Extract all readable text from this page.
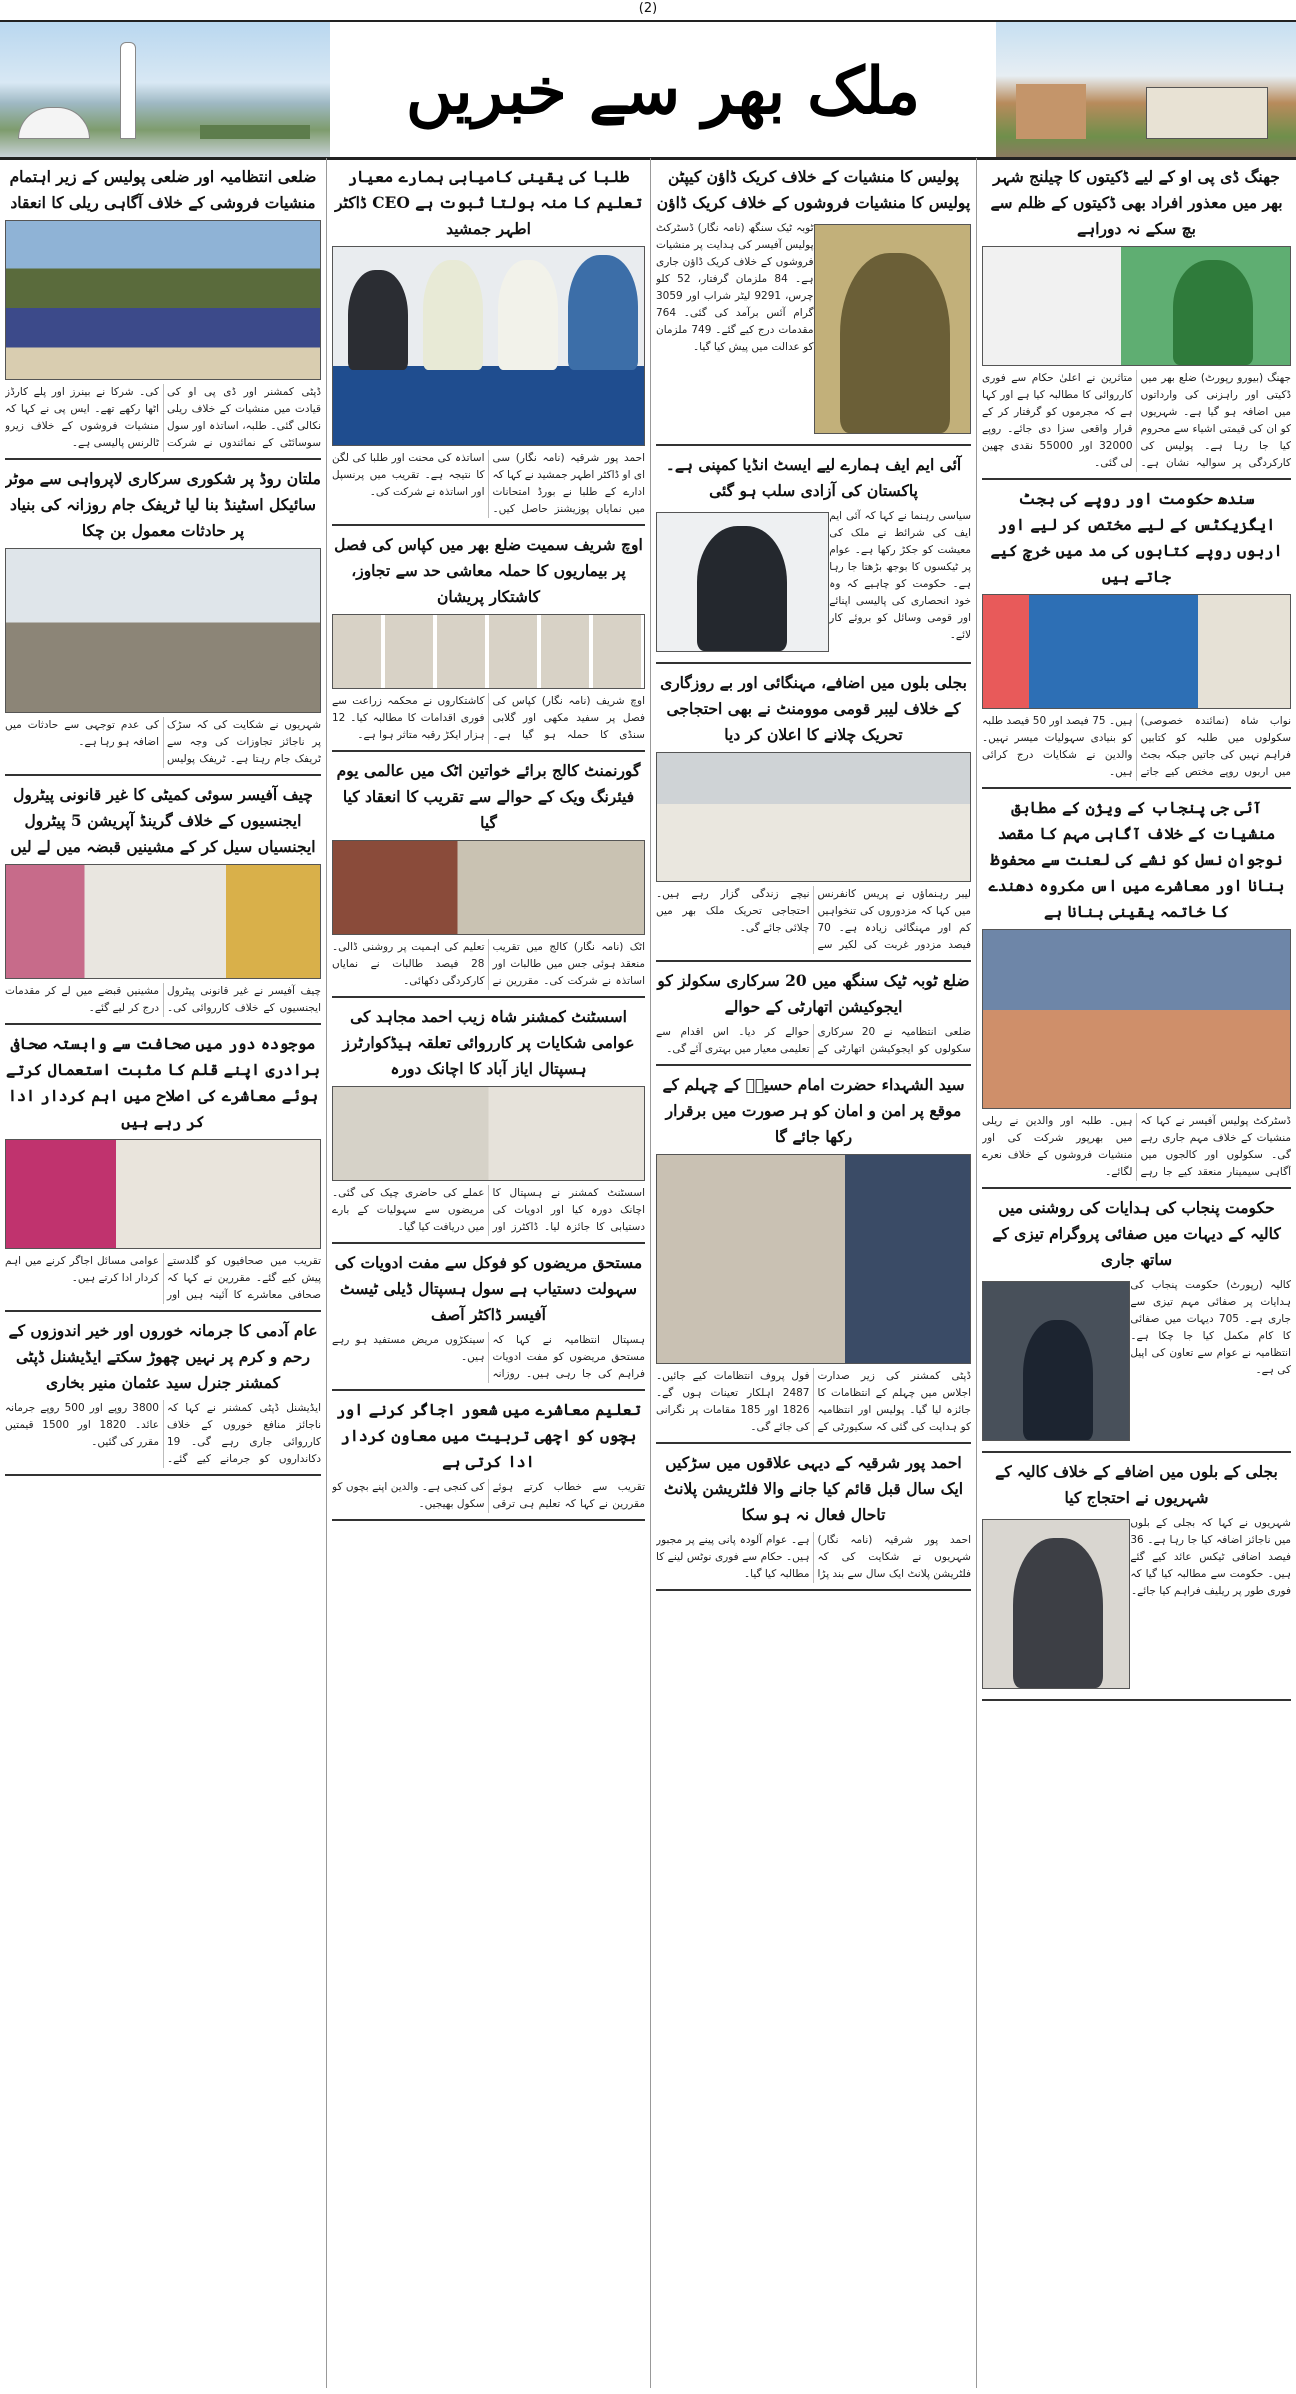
(2)
ملک بھر سے خبریں
جھنگ ڈی پی او کے لیے ڈکیتوں کا چیلنج شہر بھر میں معذور افراد بھی ڈکیتوں کے ظلم سے بچ سکے نہ دوراہے
جھنگ (بیورو رپورٹ) ضلع بھر میں ڈکیتی اور راہزنی کی وارداتوں میں اضافہ ہو گیا ہے۔ شہریوں کو ان کی قیمتی اشیاء سے محروم کیا جا رہا ہے۔ پولیس کی کارکردگی پر سوالیہ نشان ہے۔ متاثرین نے اعلیٰ حکام سے فوری کارروائی کا مطالبہ کیا ہے اور کہا ہے کہ مجرموں کو گرفتار کر کے قرار واقعی سزا دی جائے۔ روپے 32000 اور 55000 نقدی چھین لی گئی۔
سندھ حکومت اور روپے کی بجٹ ایگزیکٹس کے لیے مختص کر لیے اور اربوں روپے کتابوں کی مد میں خرچ کیے جاتے ہیں
نواب شاہ (نمائندہ خصوصی) سکولوں میں طلبہ کو کتابیں فراہم نہیں کی جاتیں جبکہ بجٹ میں اربوں روپے مختص کیے جاتے ہیں۔ 75 فیصد اور 50 فیصد طلبہ کو بنیادی سہولیات میسر نہیں۔ والدین نے شکایات درج کرائی ہیں۔
آئی جی پنجاب کے ویژن کے مطابق منشیات کے خلاف آگاہی مہم کا مقصد نوجوان نسل کو نشے کی لعنت سے محفوظ بنانا اور معاشرے میں اس مکروہ دھندے کا خاتمہ یقینی بنانا ہے
ڈسٹرکٹ پولیس آفیسر نے کہا کہ منشیات کے خلاف مہم جاری رہے گی۔ سکولوں اور کالجوں میں آگاہی سیمینار منعقد کیے جا رہے ہیں۔ طلبہ اور والدین نے ریلی میں بھرپور شرکت کی اور منشیات فروشوں کے خلاف نعرے لگائے۔
حکومت پنجاب کی ہدایات کی روشنی میں کالیہ کے دیہات میں صفائی پروگرام تیزی کے ساتھ جاری
کالیہ (رپورٹ) حکومت پنجاب کی ہدایات پر صفائی مہم تیزی سے جاری ہے۔ 705 دیہات میں صفائی کا کام مکمل کیا جا چکا ہے۔ انتظامیہ نے عوام سے تعاون کی اپیل کی ہے۔
بجلی کے بلوں میں اضافے کے خلاف کالیہ کے شہریوں نے احتجاج کیا
شہریوں نے کہا کہ بجلی کے بلوں میں ناجائز اضافہ کیا جا رہا ہے۔ 36 فیصد اضافی ٹیکس عائد کیے گئے ہیں۔ حکومت سے مطالبہ کیا گیا کہ فوری طور پر ریلیف فراہم کیا جائے۔
پولیس کا منشیات کے خلاف کریک ڈاؤن کیپٹن پولیس کا منشیات فروشوں کے خلاف کریک ڈاؤن
ٹوبہ ٹیک سنگھ (نامہ نگار) ڈسٹرکٹ پولیس آفیسر کی ہدایت پر منشیات فروشوں کے خلاف کریک ڈاؤن جاری ہے۔ 84 ملزمان گرفتار، 52 کلو چرس، 9291 لیٹر شراب اور 3059 گرام آئس برآمد کی گئی۔ 764 مقدمات درج کیے گئے۔ 749 ملزمان کو عدالت میں پیش کیا گیا۔
آئی ایم ایف ہمارے لیے ایسٹ انڈیا کمپنی ہے۔ پاکستان کی آزادی سلب ہو گئی
سیاسی رہنما نے کہا کہ آئی ایم ایف کی شرائط نے ملک کی معیشت کو جکڑ رکھا ہے۔ عوام پر ٹیکسوں کا بوجھ بڑھتا جا رہا ہے۔ حکومت کو چاہیے کہ وہ خود انحصاری کی پالیسی اپنائے اور قومی وسائل کو بروئے کار لائے۔
بجلی بلوں میں اضافے، مہنگائی اور بے روزگاری کے خلاف لیبر قومی موومنٹ نے بھی احتجاجی تحریک چلانے کا اعلان کر دیا
لیبر رہنماؤں نے پریس کانفرنس میں کہا کہ مزدوروں کی تنخواہیں کم اور مہنگائی زیادہ ہے۔ 70 فیصد مزدور غربت کی لکیر سے نیچے زندگی گزار رہے ہیں۔ احتجاجی تحریک ملک بھر میں چلائی جائے گی۔
ضلع ٹوبہ ٹیک سنگھ میں 20 سرکاری سکولز کو ایجوکیشن اتھارٹی کے حوالے
ضلعی انتظامیہ نے 20 سرکاری سکولوں کو ایجوکیشن اتھارٹی کے حوالے کر دیا۔ اس اقدام سے تعلیمی معیار میں بہتری آئے گی۔
سید الشہداء حضرت امام حسینؓ کے چہلم کے موقع پر امن و امان کو ہر صورت میں برقرار رکھا جائے گا
ڈپٹی کمشنر کی زیر صدارت اجلاس میں چہلم کے انتظامات کا جائزہ لیا گیا۔ پولیس اور انتظامیہ کو ہدایت کی گئی کہ سکیورٹی کے فول پروف انتظامات کیے جائیں۔ 2487 اہلکار تعینات ہوں گے۔ 1826 اور 185 مقامات پر نگرانی کی جائے گی۔
احمد پور شرقیہ کے دیہی علاقوں میں سڑکیں ایک سال قبل قائم کیا جانے والا فلٹریشن پلانٹ تاحال فعال نہ ہو سکا
احمد پور شرقیہ (نامہ نگار) شہریوں نے شکایت کی کہ فلٹریشن پلانٹ ایک سال سے بند پڑا ہے۔ عوام آلودہ پانی پینے پر مجبور ہیں۔ حکام سے فوری نوٹس لینے کا مطالبہ کیا گیا۔
طلبا کی یقینی کامیابی ہمارے معیار تعلیم کا منہ بولتا ثبوت ہے CEO ڈاکٹر اطہر جمشید
احمد پور شرقیہ (نامہ نگار) سی ای او ڈاکٹر اطہر جمشید نے کہا کہ ادارے کے طلبا نے بورڈ امتحانات میں نمایاں پوزیشنز حاصل کیں۔ اساتذہ کی محنت اور طلبا کی لگن کا نتیجہ ہے۔ تقریب میں پرنسپل اور اساتذہ نے شرکت کی۔
اوچ شریف سمیت ضلع بھر میں کپاس کی فصل پر بیماریوں کا حملہ معاشی حد سے تجاوز، کاشتکار پریشان
اوچ شریف (نامہ نگار) کپاس کی فصل پر سفید مکھی اور گلابی سنڈی کا حملہ ہو گیا ہے۔ کاشتکاروں نے محکمہ زراعت سے فوری اقدامات کا مطالبہ کیا۔ 12 ہزار ایکڑ رقبہ متاثر ہوا ہے۔
گورنمنٹ کالج برائے خواتین اٹک میں عالمی یوم فیئرنگ ویک کے حوالے سے تقریب کا انعقاد کیا گیا
اٹک (نامہ نگار) کالج میں تقریب منعقد ہوئی جس میں طالبات اور اساتذہ نے شرکت کی۔ مقررین نے تعلیم کی اہمیت پر روشنی ڈالی۔ 28 فیصد طالبات نے نمایاں کارکردگی دکھائی۔
اسسٹنٹ کمشنر شاہ زیب احمد مجاہد کی عوامی شکایات پر کارروائی تعلقہ ہیڈکوارٹرز ہسپتال ایاز آباد کا اچانک دورہ
اسسٹنٹ کمشنر نے ہسپتال کا اچانک دورہ کیا اور ادویات کی دستیابی کا جائزہ لیا۔ ڈاکٹرز اور عملے کی حاضری چیک کی گئی۔ مریضوں سے سہولیات کے بارے میں دریافت کیا گیا۔
مستحق مریضوں کو فوکل سے مفت ادویات کی سہولت دستیاب ہے سول ہسپتال ڈیلی ٹیسٹ آفیسر ڈاکٹر آصف
ہسپتال انتظامیہ نے کہا کہ مستحق مریضوں کو مفت ادویات فراہم کی جا رہی ہیں۔ روزانہ سینکڑوں مریض مستفید ہو رہے ہیں۔
تعلیم معاشرے میں شعور اجاگر کرنے اور بچوں کو اچھی تربیت میں معاون کردار ادا کرتی ہے
تقریب سے خطاب کرتے ہوئے مقررین نے کہا کہ تعلیم ہی ترقی کی کنجی ہے۔ والدین اپنے بچوں کو سکول بھیجیں۔
ضلعی انتظامیہ اور ضلعی پولیس کے زیر اہتمام منشیات فروشی کے خلاف آگاہی ریلی کا انعقاد
ڈپٹی کمشنر اور ڈی پی او کی قیادت میں منشیات کے خلاف ریلی نکالی گئی۔ طلبہ، اساتذہ اور سول سوسائٹی کے نمائندوں نے شرکت کی۔ شرکا نے بینرز اور پلے کارڈز اٹھا رکھے تھے۔ ایس پی نے کہا کہ منشیات فروشوں کے خلاف زیرو ٹالرنس پالیسی ہے۔
ملتان روڈ پر شکوری سرکاری لاپرواہی سے موٹر سائیکل اسٹینڈ بنا لیا ٹریفک جام روزانہ کی بنیاد پر حادثات معمول بن چکا
شہریوں نے شکایت کی کہ سڑک پر ناجائز تجاوزات کی وجہ سے ٹریفک جام رہتا ہے۔ ٹریفک پولیس کی عدم توجہی سے حادثات میں اضافہ ہو رہا ہے۔
چیف آفیسر سوئی کمیٹی کا غیر قانونی پیٹرول ایجنسیوں کے خلاف گرینڈ آپریشن 5 پیٹرول ایجنسیاں سیل کر کے مشینیں قبضہ میں لے لیں
چیف آفیسر نے غیر قانونی پیٹرول ایجنسیوں کے خلاف کارروائی کی۔ مشینیں قبضے میں لے کر مقدمات درج کر لیے گئے۔
موجودہ دور میں صحافت سے وابستہ صحافی برادری اپنے قلم کا مثبت استعمال کرتے ہوئے معاشرے کی اصلاح میں اہم کردار ادا کر رہے ہیں
تقریب میں صحافیوں کو گلدستے پیش کیے گئے۔ مقررین نے کہا کہ صحافی معاشرے کا آئینہ ہیں اور عوامی مسائل اجاگر کرنے میں اہم کردار ادا کرتے ہیں۔
عام آدمی کا جرمانہ خوروں اور خیر اندوزوں کے رحم و کرم پر نہیں چھوڑ سکتے ایڈیشنل ڈپٹی کمشنر جنرل سید عثمان منیر بخاری
ایڈیشنل ڈپٹی کمشنر نے کہا کہ ناجائز منافع خوروں کے خلاف کارروائی جاری رہے گی۔ 19 دکانداروں کو جرمانے کیے گئے۔ 3800 روپے اور 500 روپے جرمانہ عائد۔ 1820 اور 1500 قیمتیں مقرر کی گئیں۔
